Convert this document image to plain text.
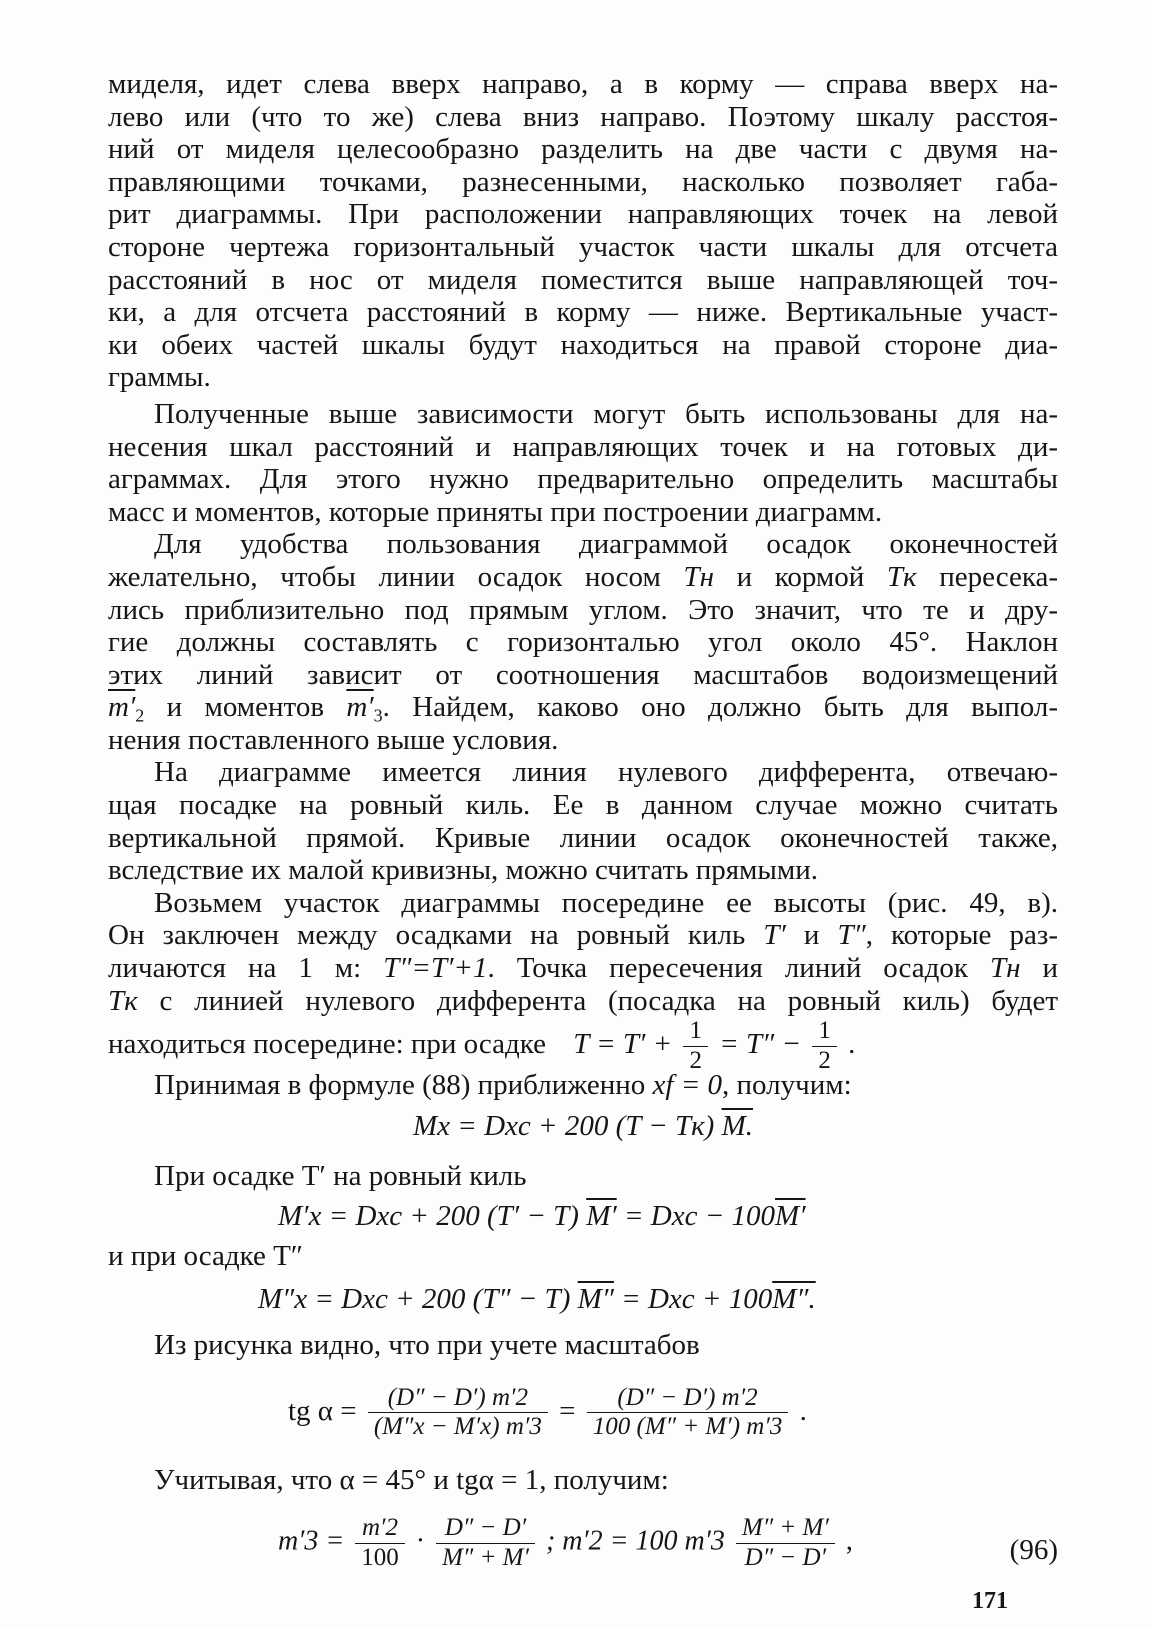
миделя, идет слева вверх направо, а в корму — справа вверх на-
лево или (что то же) слева вниз направо. Поэтому шкалу расстоя-
ний от миделя целесообразно разделить на две части с двумя на-
правляющими точками, разнесенными, насколько позволяет габа-
рит диаграммы. При расположении направляющих точек на левой
стороне чертежа горизонтальный участок части шкалы для отсчета
расстояний в нос от миделя поместится выше направляющей точ-
ки, а для отсчета расстояний в корму — ниже. Вертикальные участ-
ки обеих частей шкалы будут находиться на правой стороне диа-
граммы.
Полученные выше зависимости могут быть использованы для на-
несения шкал расстояний и направляющих точек и на готовых ди-
аграммах. Для этого нужно предварительно определить масштабы
масс и моментов, которые приняты при построении диаграмм.
Для удобства пользования диаграммой осадок оконечностей
желательно, чтобы линии осадок носом Tн и кормой Tк пересека-
лись приблизительно под прямым углом. Это значит, что те и дру-
гие должны составлять с горизонталью угол около 45°. Наклон
этих линий зависит от соотношения масштабов водоизмещений
$m'_2$ и моментов $m'_3$. Найдем, каково оно должно быть для выпол-
нения поставленного выше условия.
На диаграмме имеется линия нулевого дифферента, отвечаю-
щая посадке на ровный киль. Ее в данном случае можно считать
вертикальной прямой. Кривые линии осадок оконечностей также,
вследствие их малой кривизны, можно считать прямыми.
Возьмем участок диаграммы посередине ее высоты (рис. 49, в).
Он заключен между осадками на ровный киль T′ и T″, которые раз-
личаются на 1 м: T″=T′+1. Точка пересечения линий осадок Tн и
Tк с линией нулевого дифферента (посадка на ровный киль) будет
находиться посередине: при осадке $T = T' + \frac{1}{2} = T'' - \frac{1}{2}$ .
Принимая в формуле (88) приближенно xf = 0, получим:
Mx = Dxc + 200 (T − Tк) M.
При осадке T′ на ровный киль
M′x = Dxc + 200 (T′ − T) M′ = Dxc − 100M′
и при осадке T″
M″x = Dxc + 200 (T″ − T) M″ = Dxc + 100M″.
Из рисунка видно, что при учете масштабов
tg $\alpha = \frac{(D'' - D') m'2}{(M''x - M'x) m'3} = \frac{(D'' - D') m'2}{100 (M'' + M') m'3}$ .
Учитывая, что α = 45° и tgα = 1, получим:
$m'3 = \frac{m'2}{100} \cdot \frac{D'' - D'}{M'' + M'}$ ; m′2 = 100 $m'3 \frac{M'' + M'}{D'' - D'}$ ,	(96)
171
